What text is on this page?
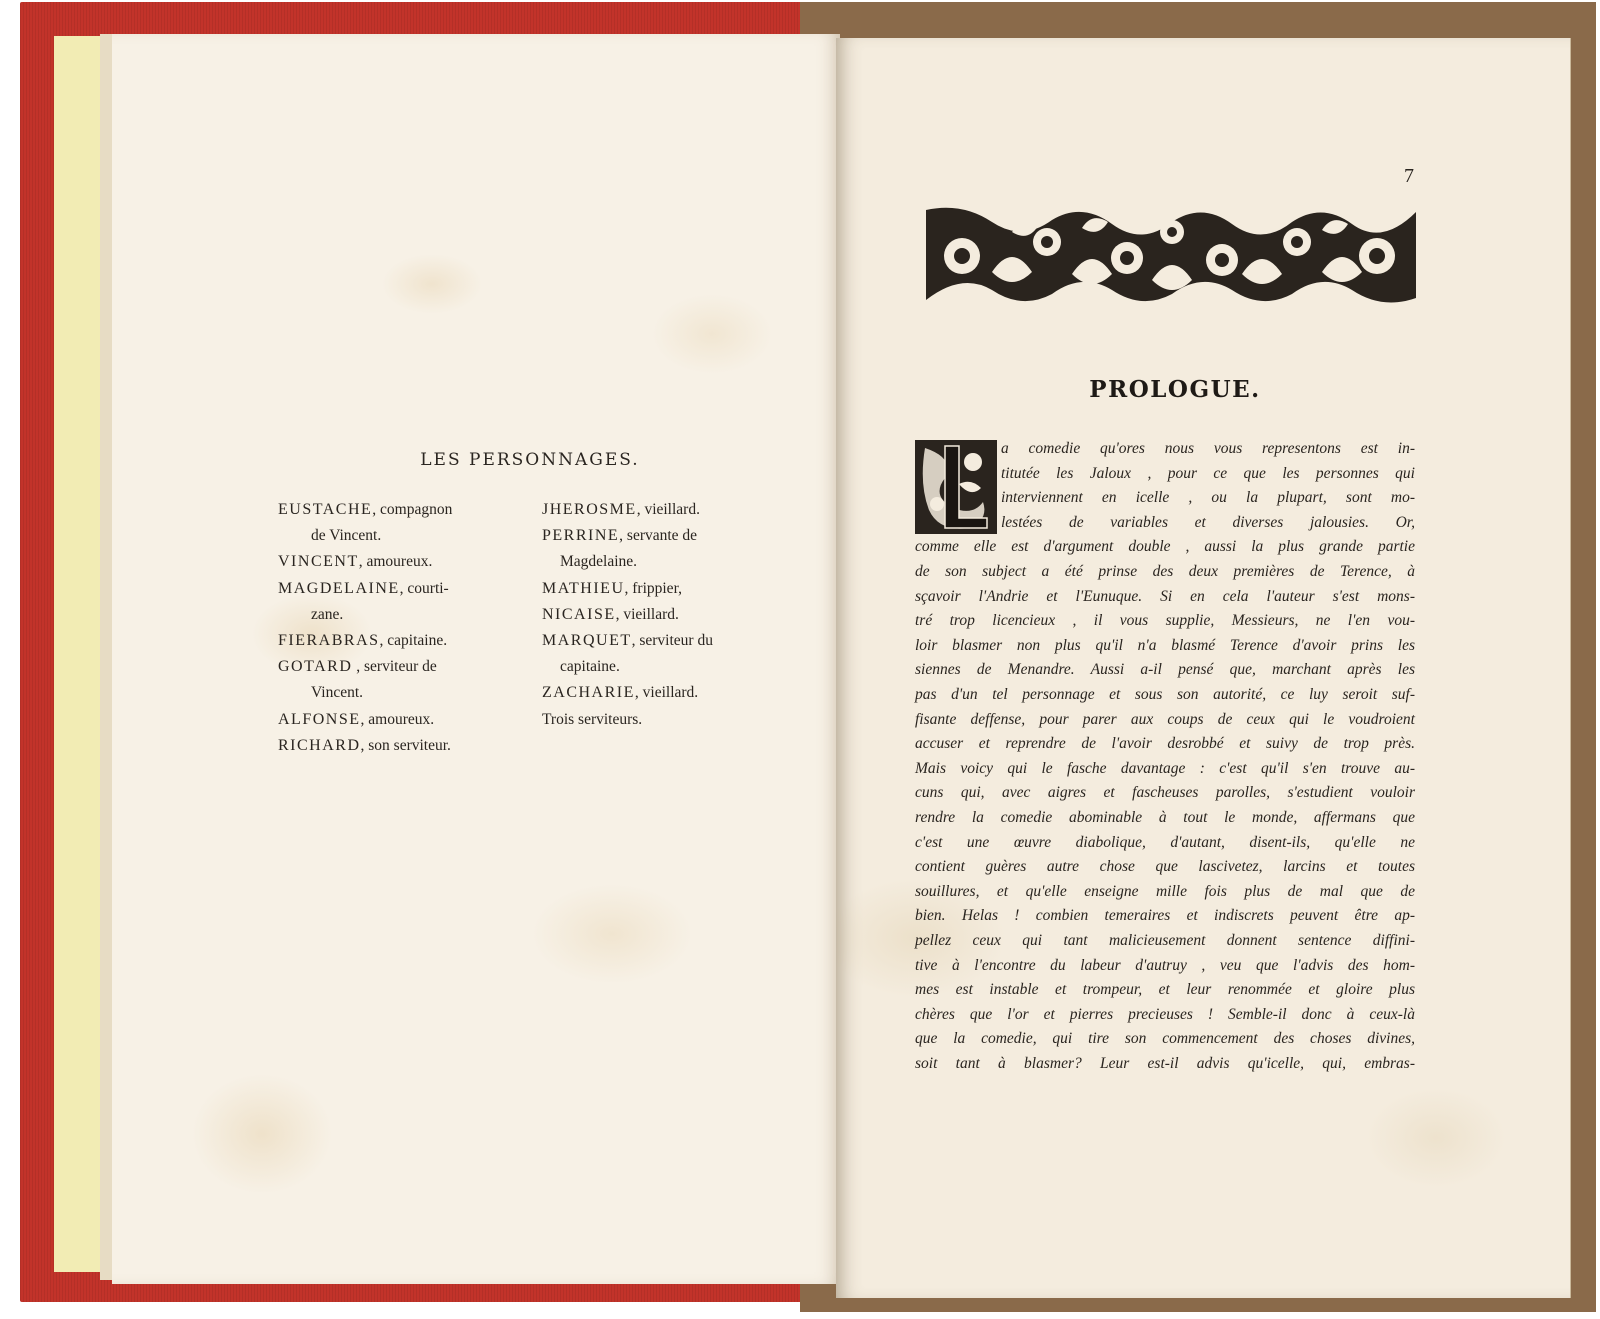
LES PERSONNAGES.
EUSTACHE, compagnon
de Vincent.
VINCENT, amoureux.
MAGDELAINE, courti-
zane.
FIERABRAS, capitaine.
GOTARD , serviteur de
Vincent.
ALFONSE, amoureux.
RICHARD, son serviteur.
JHEROSME, vieillard.
PERRINE, servante de
Magdelaine.
MATHIEU, frippier,
NICAISE, vieillard.
MARQUET, serviteur du
capitaine.
ZACHARIE, vieillard.
Trois serviteurs.
7
PROLOGUE.
a comedie qu'ores nous vous representons est in-
titutée les Jaloux , pour ce que les personnes qui
interviennent en icelle , ou la plupart, sont mo-
lestées de variables et diverses jalousies. Or,
comme elle est d'argument double , aussi la plus grande partie
de son subject a été prinse des deux premières de Terence, à
sçavoir l'Andrie et l'Eunuque. Si en cela l'auteur s'est mons-
tré trop licencieux , il vous supplie, Messieurs, ne l'en vou-
loir blasmer non plus qu'il n'a blasmé Terence d'avoir prins les
siennes de Menandre. Aussi a-il pensé que, marchant après les
pas d'un tel personnage et sous son autorité, ce luy seroit suf-
fisante deffense, pour parer aux coups de ceux qui le voudroient
accuser et reprendre de l'avoir desrobbé et suivy de trop près.
Mais voicy qui le fasche davantage : c'est qu'il s'en trouve au-
cuns qui, avec aigres et fascheuses parolles, s'estudient vouloir
rendre la comedie abominable à tout le monde, affermans que
c'est une œuvre diabolique, d'autant, disent-ils, qu'elle ne
contient guères autre chose que lascivetez, larcins et toutes
souillures, et qu'elle enseigne mille fois plus de mal que de
bien. Helas ! combien temeraires et indiscrets peuvent être ap-
pellez ceux qui tant malicieusement donnent sentence diffini-
tive à l'encontre du labeur d'autruy , veu que l'advis des hom-
mes est instable et trompeur, et leur renommée et gloire plus
chères que l'or et pierres precieuses ! Semble-il donc à ceux-là
que la comedie, qui tire son commencement des choses divines,
soit tant à blasmer? Leur est-il advis qu'icelle, qui, embras-
